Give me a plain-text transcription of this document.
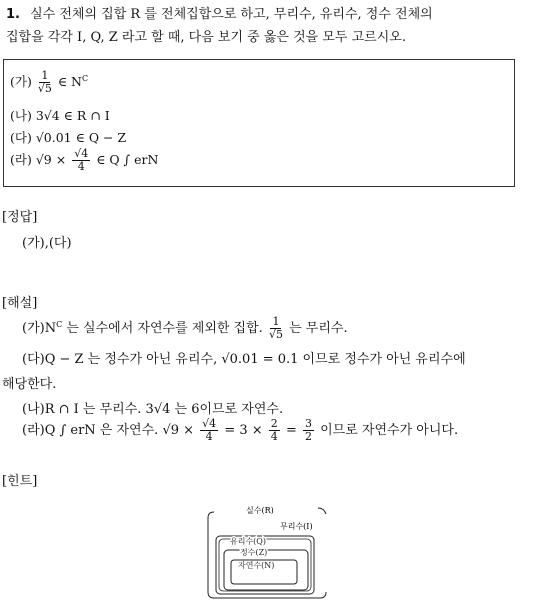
1. 실수 전체의 집합 R 를 전체집합으로 하고, 무리수, 유리수, 정수 전체의
집합을 각각 I, Q, Z 라고 할 때, 다음 보기 중 옳은 것을 모두 고르시오.
(가) $\frac{1}{√5}$ ∈ $N^C$
(나) 3√4 ∈ R ∩ I
(다) √0.01 ∈ Q − Z
(라) $√9 \times \frac{√4}{4}$ ∈ Q ∫ erN
[정답]
(가),(다)
[해설]
(가)$N^C$ 는 실수에서 자연수를 제외한 집합. $\frac{1}{√5}$ 는 무리수.
(다)Q − Z 는 정수가 아닌 유리수, √0.01 = 0.1 이므로 정수가 아닌 유리수에
해당한다.
(나)R ∩ I 는 무리수. 3√4 는 6이므로 자연수.
(라)Q ∫ erN 은 자연수. $√9 \times \frac{√4}{4} = 3 \times \frac{2}{4} = \frac{3}{2}$ 이므로 자연수가 아니다.
[힌트]
실수(R)
무리수(I)
유리수(Q)
정수(Z)
자연수(N)
